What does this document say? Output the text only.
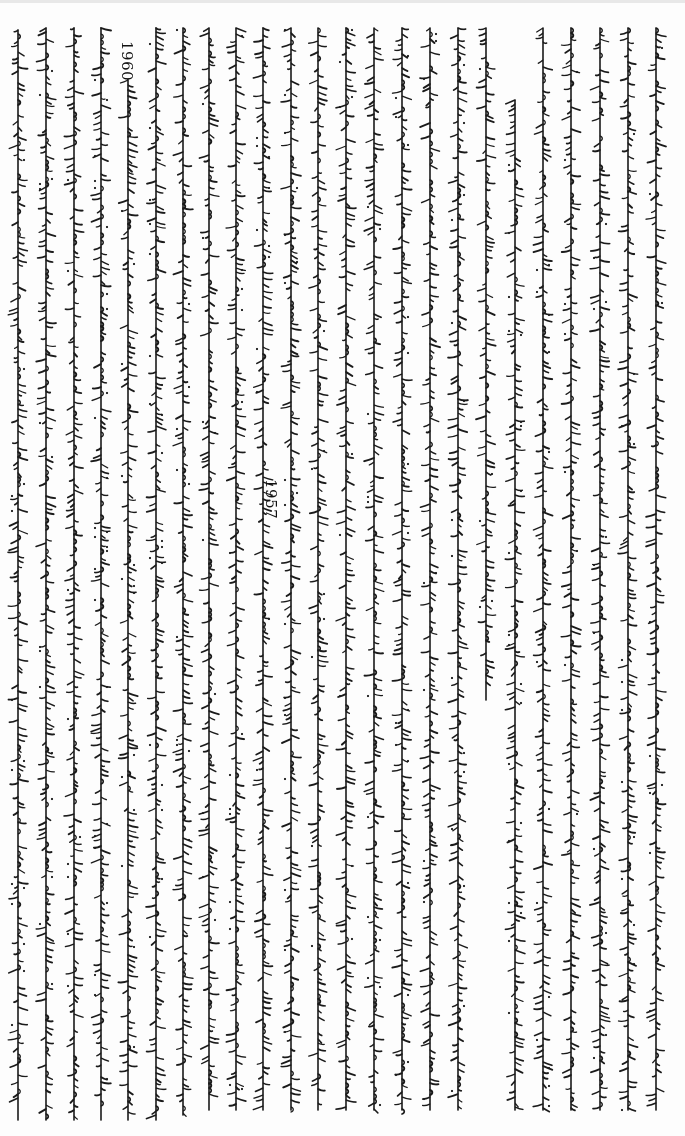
1960
1957
